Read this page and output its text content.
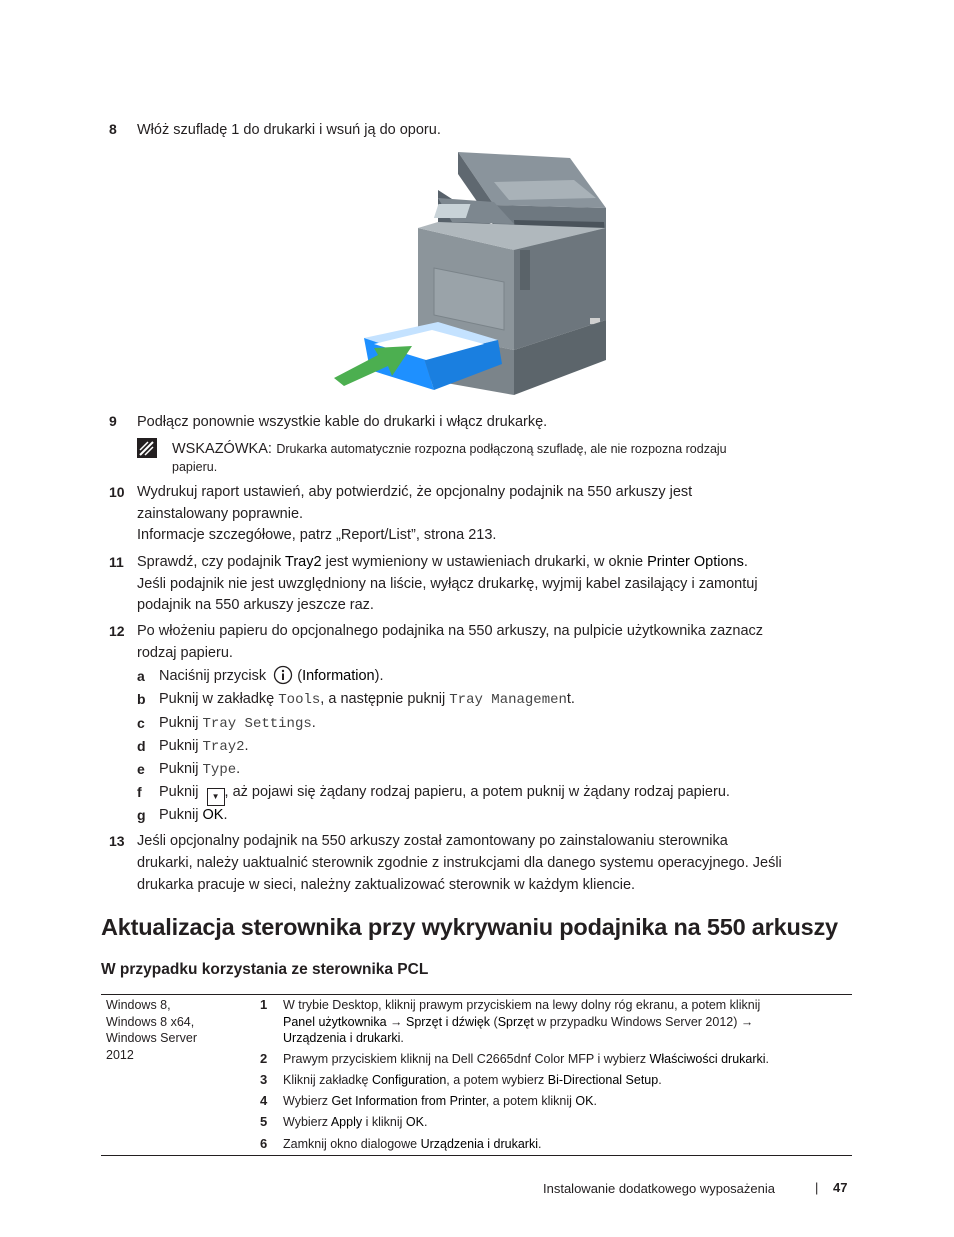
8 Włóż szufladę 1 do drukarki i wsuń ją do oporu.
9 Podłącz ponownie wszystkie kable do drukarki i włącz drukarkę.
WSKAZÓWKA: Drukarka automatycznie rozpozna podłączoną szufladę, ale nie rozpozna rodzaju
papieru.
10 Wydrukuj raport ustawień, aby potwierdzić, że opcjonalny podajnik na 550 arkuszy jest
zainstalowany poprawnie.
Informacje szczegółowe, patrz „Report/List”, strona 213.
11 Sprawdź, czy podajnik Tray2 jest wymieniony w ustawieniach drukarki, w oknie Printer Options.
Jeśli podajnik nie jest uwzględniony na liście, wyłącz drukarkę, wyjmij kabel zasilający i zamontuj
podajnik na 550 arkuszy jeszcze raz.
12 Po włożeniu papieru do opcjonalnego podajnika na 550 arkuszy, na pulpicie użytkownika zaznacz
rodzaj papieru.
a Naciśnij przycisk  (Information).
b Puknij w zakładkę Tools, a następnie puknij Tray Management.
c Puknij Tray Settings.
d Puknij Tray2.
e Puknij Type.
f Puknij ▼ , aż pojawi się żądany rodzaj papieru, a potem puknij w żądany rodzaj papieru.
g Puknij OK.
13 Jeśli opcjonalny podajnik na 550 arkuszy został zamontowany po zainstalowaniu sterownika
drukarki, należy uaktualnić sterownik zgodnie z instrukcjami dla danego systemu operacyjnego. Jeśli
drukarka pracuje w sieci, należny zaktualizować sterownik w każdym kliencie.
Aktualizacja sterownika przy wykrywaniu podajnika na 550 arkuszy
W przypadku korzystania ze sterownika PCL
Windows 8,
Windows 8 x64,
Windows Server
2012
1 W trybie Desktop, kliknij prawym przyciskiem na lewy dolny róg ekranu, a potem kliknij
Panel użytkownika → Sprzęt i dźwięk (Sprzęt w przypadku Windows Server 2012) →
Urządzenia i drukarki.
2 Prawym przyciskiem kliknij na Dell C2665dnf Color MFP i wybierz Właściwości drukarki.
3 Kliknij zakładkę Configuration, a potem wybierz Bi-Directional Setup.
4 Wybierz Get Information from Printer, a potem kliknij OK.
5 Wybierz Apply i kliknij OK.
6 Zamknij okno dialogowe Urządzenia i drukarki.
Instalowanie dodatkowego wyposażenia	| 47
